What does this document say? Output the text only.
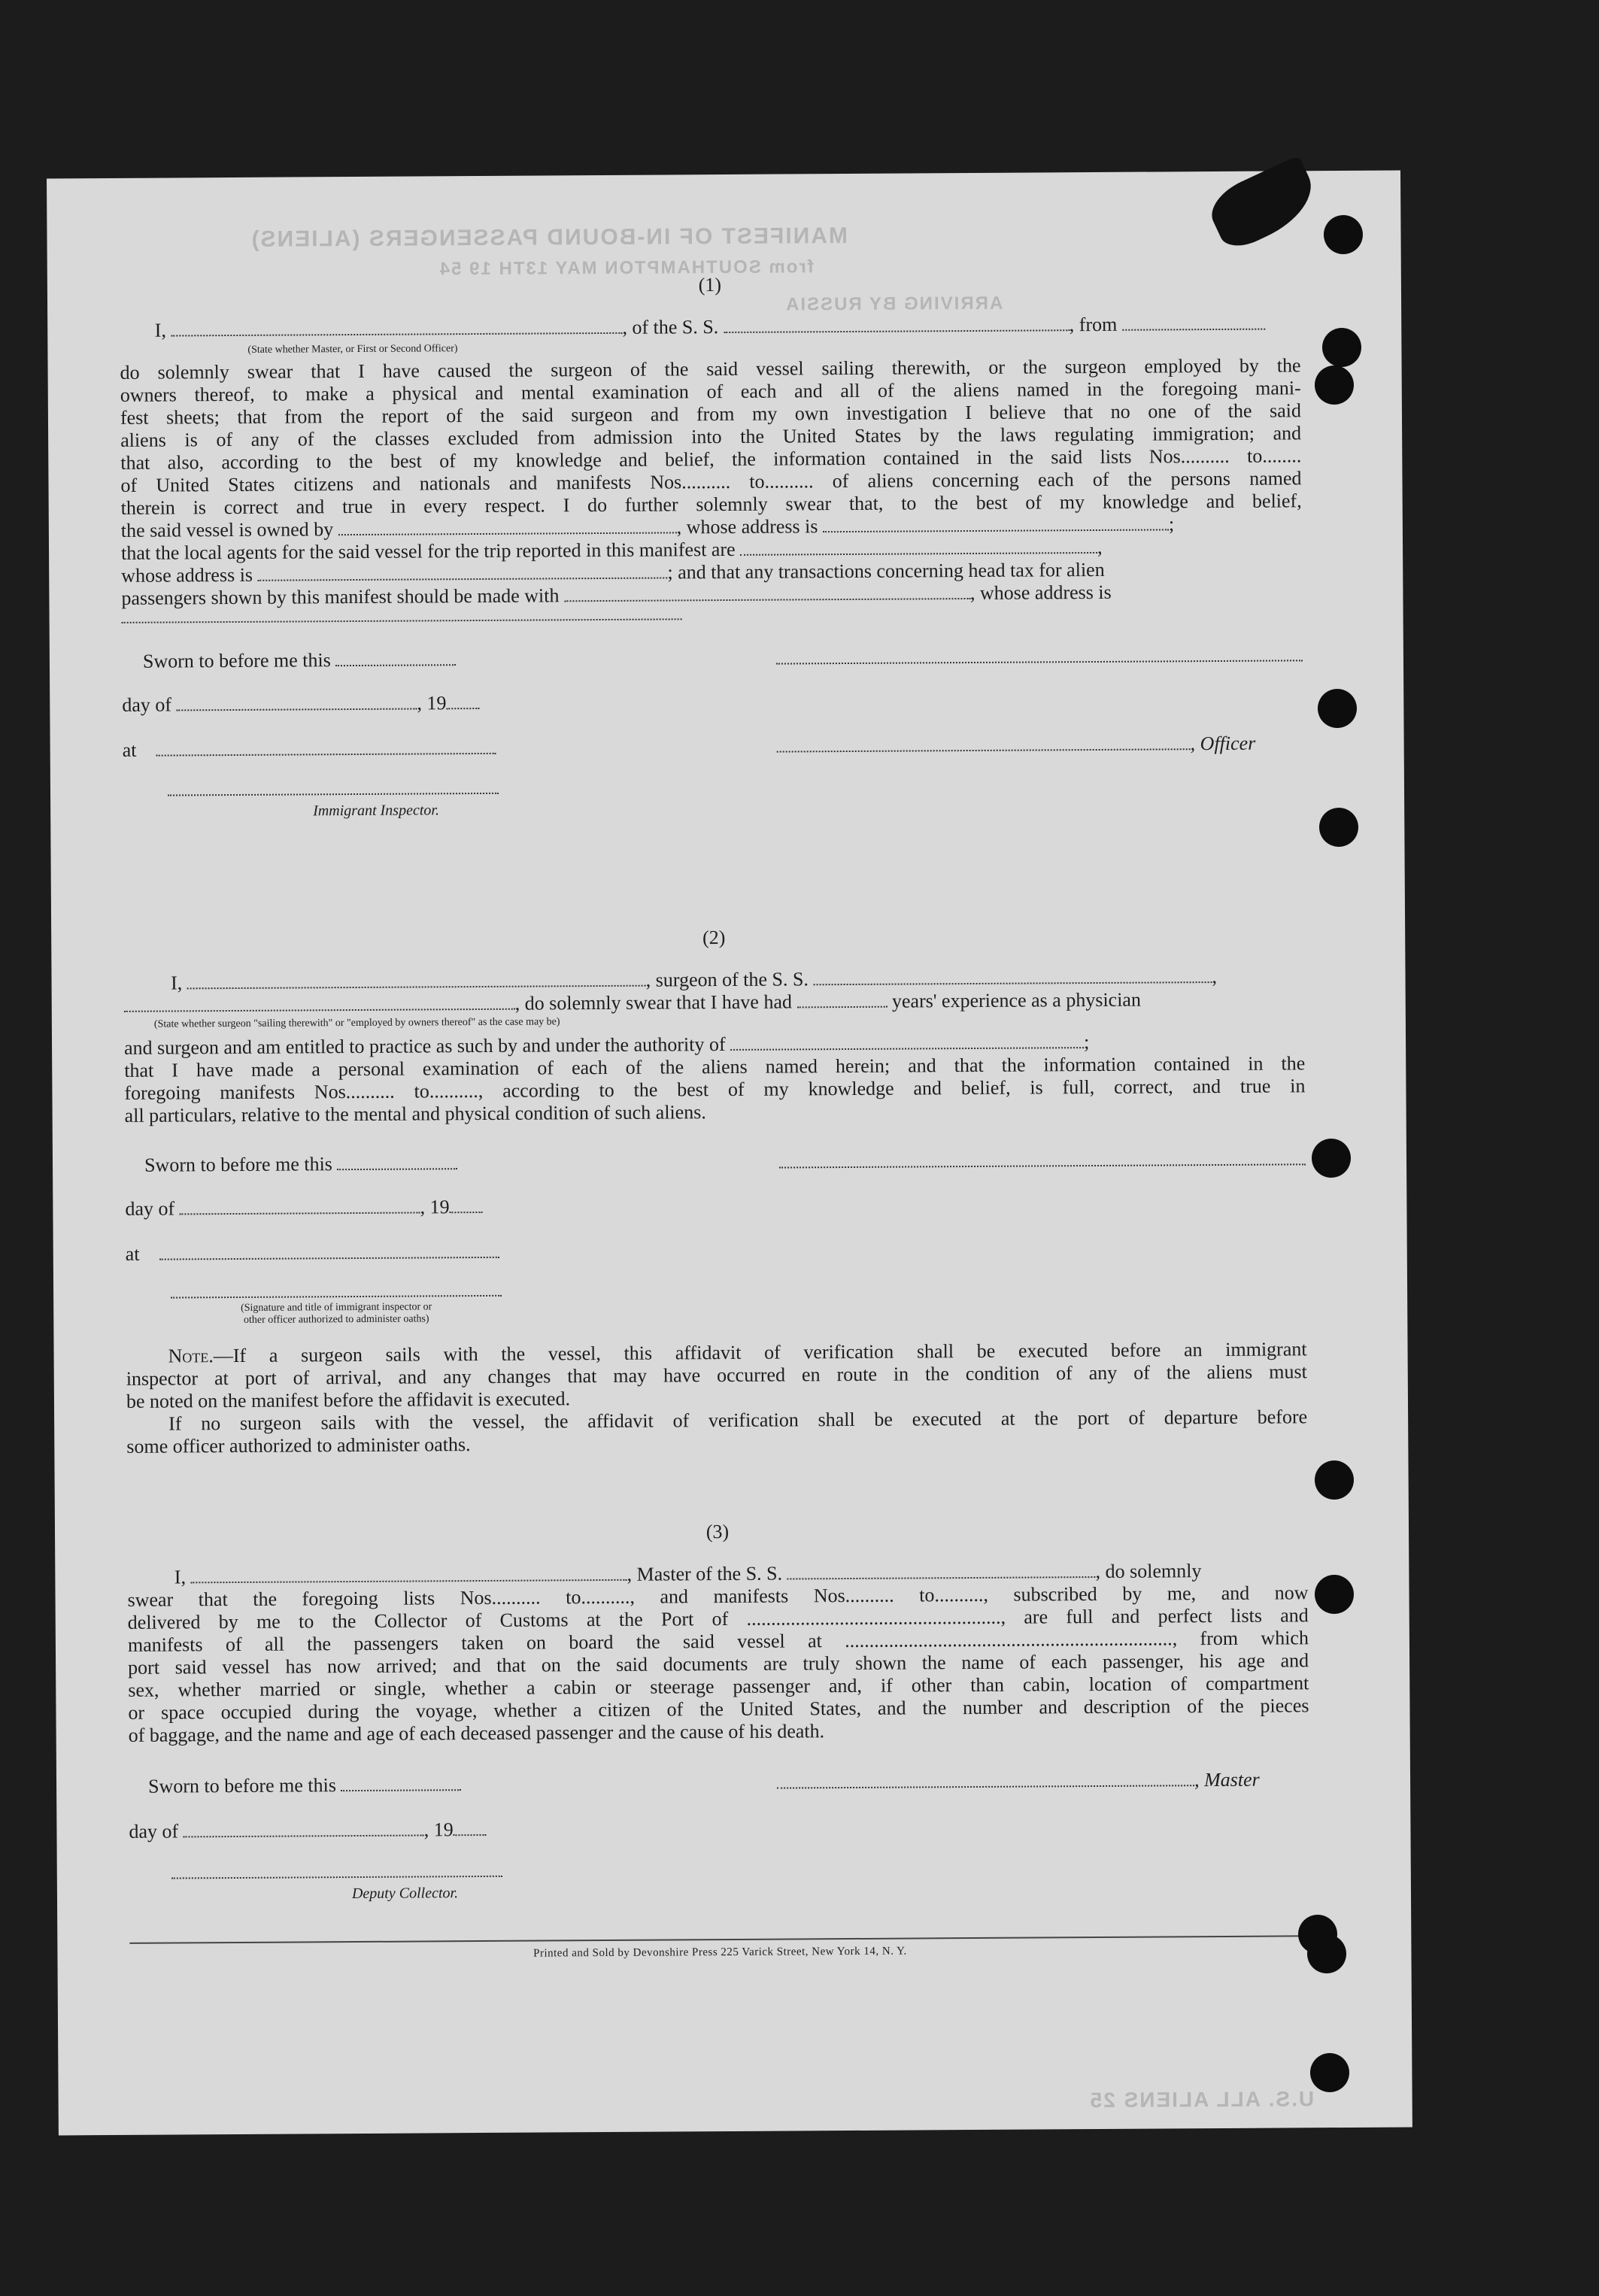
MANIFEST OF IN-BOUND PASSENGERS (ALIENS)
from SOUTHAMPTON MAY 13TH 19 54
ARRIVING BY RUSSIA
U.S. ALL ALIENS 25
(1)
I,	, of the S. S.	, from
(State whether Master, or First or Second Officer)
do solemnly swear that I have caused the surgeon of the said vessel sailing therewith, or the surgeon employed by the
owners thereof, to make a physical and mental examination of each and all of the aliens named in the foregoing mani-
fest sheets; that from the report of the said surgeon and from my own investigation I believe that no one of the said
aliens is of any of the classes excluded from admission into the United States by the laws regulating immigration; and
that also, according to the best of my knowledge and belief, the information contained in the said lists Nos.......... to........
of United States citizens and nationals and manifests Nos.......... to.......... of aliens concerning each of the persons named
therein is correct and true in every respect. I do further solemnly swear that, to the best of my knowledge and belief,
the said vessel is owned by	, whose address is	;
that the local agents for the said vessel for the trip reported in this manifest are	,
whose address is	; and that any transactions concerning head tax for alien
passengers shown by this manifest should be made with	, whose address is
Sworn to before me this
day of	, 19
at	, Officer
Immigrant Inspector.
(2)
I,	, surgeon of the S. S.	,
, do solemnly swear that I have had	years' experience as a physician
(State whether surgeon "sailing therewith" or "employed by owners thereof" as the case may be)
and surgeon and am entitled to practice as such by and under the authority of	;
that I have made a personal examination of each of the aliens named herein; and that the information contained in the
foregoing manifests Nos.......... to.........., according to the best of my knowledge and belief, is full, correct, and true in
all particulars, relative to the mental and physical condition of such aliens.
Sworn to before me this
day of	, 19
at
(Signature and title of immigrant inspector or
other officer authorized to administer oaths)
Note.—If a surgeon sails with the vessel, this affidavit of verification shall be executed before an immigrant
inspector at port of arrival, and any changes that may have occurred en route in the condition of any of the aliens must
be noted on the manifest before the affidavit is executed.
If no surgeon sails with the vessel, the affidavit of verification shall be executed at the port of departure before
some officer authorized to administer oaths.
(3)
I,	, Master of the S. S.	, do solemnly
swear that the foregoing lists Nos.......... to.........., and manifests Nos.......... to.........., subscribed by me, and now
delivered by me to the Collector of Customs at the Port of ...................................................., are full and perfect lists and
manifests of all the passengers taken on board the said vessel at ..................................................................., from which
port said vessel has now arrived; and that on the said documents are truly shown the name of each passenger, his age and
sex, whether married or single, whether a cabin or steerage passenger and, if other than cabin, location of compartment
or space occupied during the voyage, whether a citizen of the United States, and the number and description of the pieces
of baggage, and the name and age of each deceased passenger and the cause of his death.
Sworn to before me this	, Master
day of	, 19
Deputy Collector.
Printed and Sold by Devonshire Press 225 Varick Street, New York 14, N. Y.
